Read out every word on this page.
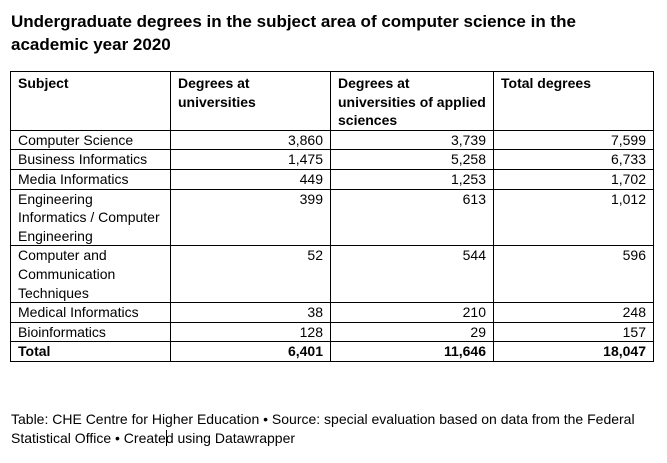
Undergraduate degrees in the subject area of computer science in the academic year 2020
Subject	Degrees at universities	Degrees at universities of applied sciences	Total degrees
Computer Science	3,860	3,739	7,599
Business Informatics	1,475	5,258	6,733
Media Informatics	449	1,253	1,702
Engineering Informatics / Computer Engineering	399	613	1,012
Computer and Communication Techniques	52	544	596
Medical Informatics	38	210	248
Bioinformatics	128	29	157
Total	6,401	11,646	18,047

Table: CHE Centre for Higher Education • Source: special evaluation based on data from the Federal Statistical Office • Created using Datawrapper
